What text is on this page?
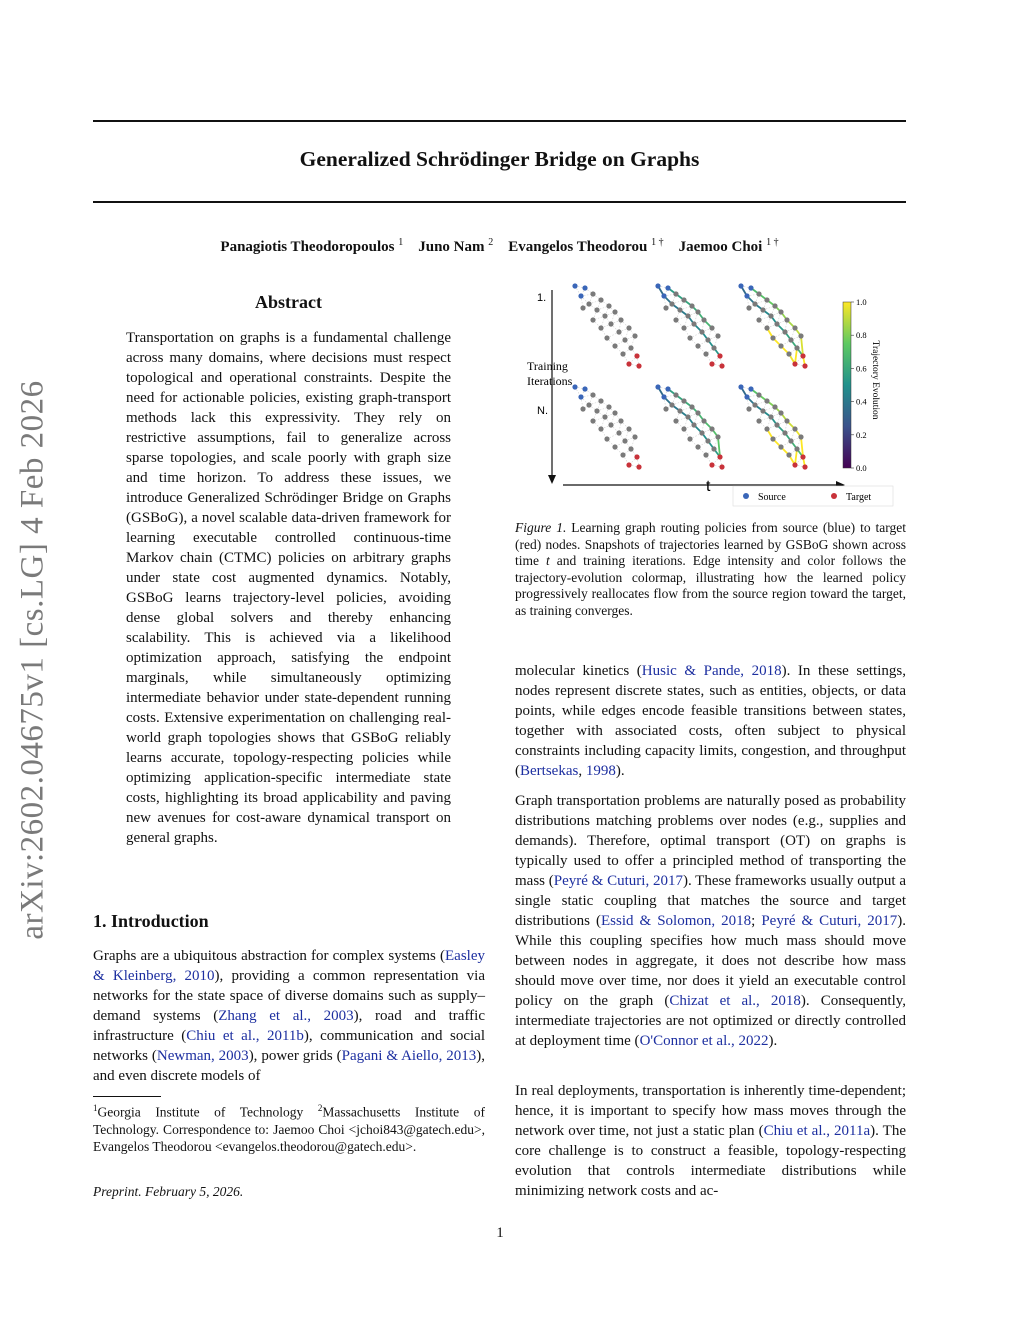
arXiv:2602.04675v1 [cs.LG] 4 Feb 2026
Generalized Schrödinger Bridge on Graphs
Panagiotis Theodoropoulos $^1$ Juno Nam $^2$ Evangelos Theodorou $^{1 \dagger}$ Jaemoo Choi $^{1 \dagger}$
Abstract

Transportation on graphs is a fundamental challenge across many domains, where decisions must respect topological and operational constraints. Despite the need for actionable policies, existing graph-transport methods lack this expressivity. They rely on restrictive assumptions, fail to generalize across sparse topologies, and scale poorly with graph size and time horizon. To address these issues, we introduce Generalized Schrödinger Bridge on Graphs (GSBoG), a novel scalable data-driven framework for learning executable controlled continuous-time Markov chain (CTMC) policies on arbitrary graphs under state cost augmented dynamics. Notably, GSBoG learns trajectory-level policies, avoiding dense global solvers and thereby enhancing scalability. This is achieved via a likelihood optimization approach, satisfying the endpoint marginals, while simultaneously optimizing intermediate behavior under state-dependent running costs. Extensive experimentation on challenging real-world graph topologies shows that GSBoG reliably learns accurate, topology-respecting policies while optimizing application-specific intermediate state costs, highlighting its broad applicability and paving new avenues for cost-aware dynamical transport on general graphs.

1. Introduction

Graphs are a ubiquitous abstraction for complex systems (Easley & Kleinberg, 2010), providing a common representation via networks for the state space of diverse domains such as supply–demand systems (Zhang et al., 2003), road and traffic infrastructure (Chiu et al., 2011b), communication and social networks (Newman, 2003), power grids (Pagani & Aiello, 2013), and even discrete models of

$^1$Georgia Institute of Technology $^2$Massachusetts Institute of Technology. Correspondence to: Jaemoo Choi <jchoi843@gatech.edu>, Evangelos Theodorou <evangelos.theodorou@gatech.edu>.

Preprint. February 5, 2026.
1
1.
Training
Iterations
N.
t
1.0
0.8
0.6
0.4
0.2
0.0
Trajectory Evolution
Source	Target

Figure 1. Learning graph routing policies from source (blue) to target (red) nodes. Snapshots of trajectories learned by GSBoG shown across time t and training iterations. Edge intensity and color follows the trajectory-evolution colormap, illustrating how the learned policy progressively reallocates flow from the source region toward the target, as training converges.

molecular kinetics (Husic & Pande, 2018). In these settings, nodes represent discrete states, such as entities, objects, or data points, while edges encode feasible transitions between states, together with associated costs, often subject to physical constraints including capacity limits, congestion, and throughput (Bertsekas, 1998).

Graph transportation problems are naturally posed as probability distributions matching problems over nodes (e.g., supplies and demands). Therefore, optimal transport (OT) on graphs is typically used to offer a principled method of transporting the mass (Peyré & Cuturi, 2017). These frameworks usually output a single static coupling that matches the source and target distributions (Essid & Solomon, 2018; Peyré & Cuturi, 2017). While this coupling specifies how much mass should move between nodes in aggregate, it does not describe how mass should move over time, nor does it yield an executable control policy on the graph (Chizat et al., 2018). Consequently, intermediate trajectories are not optimized or directly controlled at deployment time (O'Connor et al., 2022).

In real deployments, transportation is inherently time-dependent; hence, it is important to specify how mass moves through the network over time, not just a static plan (Chiu et al., 2011a). The core challenge is to construct a feasible, topology-respecting evolution that controls intermediate distributions while minimizing network costs and ac-
